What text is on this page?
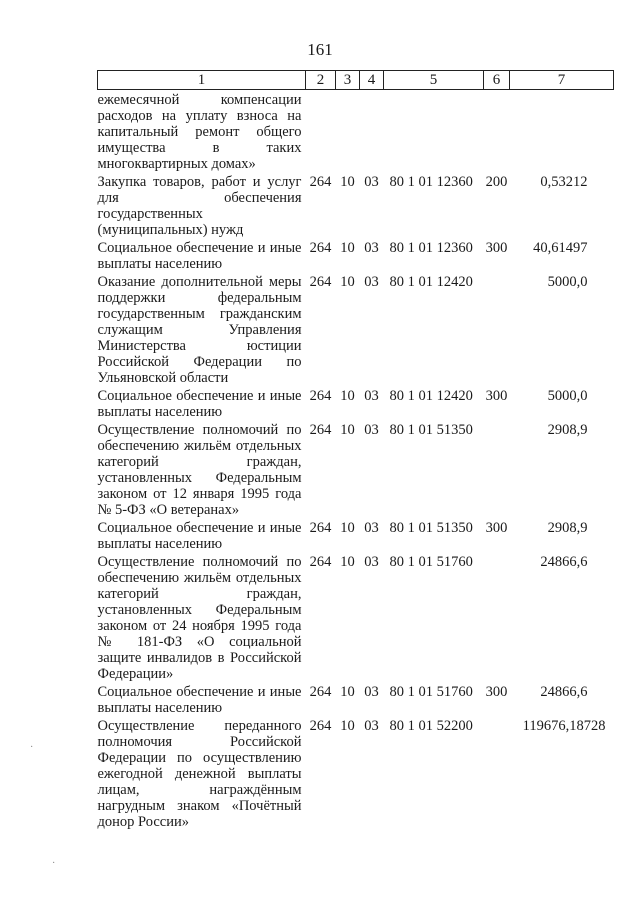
161
1	2	3	4	5	6	7
ежемесячной компенсации расходов на уплату взноса на капитальный ремонт общего имущества в таких многоквартирных домах»						
Закупка товаров, работ и услуг для обеспечения государственных (муниципальных) нужд	264	10	03	80 1 01 12360	200	0,53212
Социальное обеспечение и иные выплаты населению	264	10	03	80 1 01 12360	300	40,61497
Оказание дополнительной меры поддержки федеральным государственным гражданским служащим Управления Министерства юстиции Российской Федерации по Ульяновской области	264	10	03	80 1 01 12420		5000,0
Социальное обеспечение и иные выплаты населению	264	10	03	80 1 01 12420	300	5000,0
Осуществление полномочий по обеспечению жильём отдельных категорий граждан, установленных Федеральным законом от 12 января 1995 года № 5-ФЗ «О ветеранах»	264	10	03	80 1 01 51350		2908,9
Социальное обеспечение и иные выплаты населению	264	10	03	80 1 01 51350	300	2908,9
Осуществление полномочий по обеспечению жильём отдельных категорий граждан, установленных Федеральным законом от 24 ноября 1995 года № 181-ФЗ «О социальной защите инвалидов в Российской Федерации»	264	10	03	80 1 01 51760		24866,6
Социальное обеспечение и иные выплаты населению	264	10	03	80 1 01 51760	300	24866,6
Осуществление переданного полномочия Российской Федерации по осуществлению ежегодной денежной выплаты лицам, награждённым нагрудным знаком «Почётный донор России»	264	10	03	80 1 01 52200		119676,18728
·
·
